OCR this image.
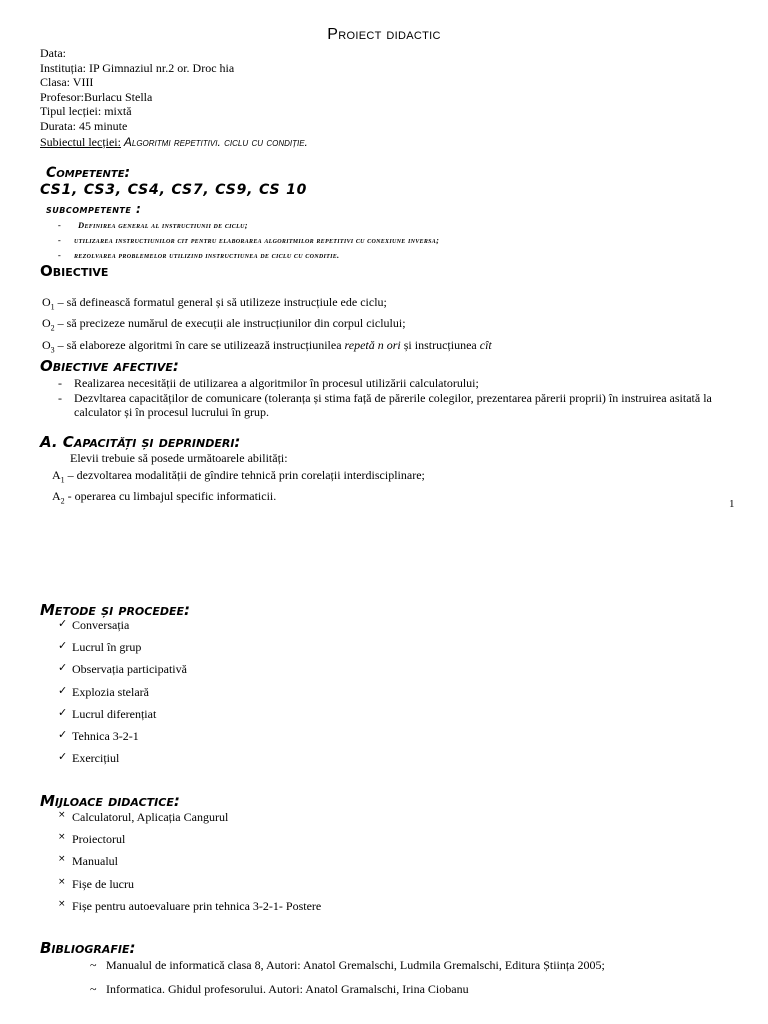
Proiect didactic
Data:
Instituția: IP Gimnaziul nr.2 or. Droc hia
Clasa: VIII
Profesor:Burlacu Stella
Tipul lecției: mixtă
Durata: 45 minute
Subiectul lecției: Algoritmi repetitivi. ciclu cu condiție.
Competente:
CS1, CS3, CS4, CS7, CS9, CS 10
subcompetente :
- Definirea general al instructiunii de ciclu;
- utilizarea instructiunilor cit pentru elaborarea algoritmilor repetitivi cu conexiune inversa;
- rezolvarea problemelor utilizind instructiunea de ciclu cu conditie.
Obiective
$O_1$ – să definească formatul general și să utilizeze instrucțiule ede ciclu;
$O_2$ – să precizeze numărul de execuții ale instrucțiunilor din corpul ciclului;
$O_3$ – să elaboreze algoritmi în care se utilizează instrucțiunilea repetă n ori și instrucțiunea cît
Obiective afective:
- Realizarea necesității de utilizarea a algoritmilor în procesul utilizării calculatorului;
- Dezvltarea capacităților de comunicare (toleranța și stima față de părerile colegilor, prezentarea părerii proprii) în instruirea asitată la calculator și în procesul lucrului în grup.
A. Capacități și deprinderi:
Elevii trebuie să posede următoarele abilități:
$A_1$ – dezvoltarea modalității de gîndire tehnică prin corelații interdisciplinare;
$A_2$ - operarea cu limbajul specific informaticii.
1
Metode și procedee:
✓ Conversația
✓ Lucrul în grup
✓ Observația participativă
✓ Explozia stelară
✓ Lucrul diferențiat
✓ Tehnica 3-2-1
✓ Exercițiul
Mijloace didactice:
× Calculatorul, Aplicația Cangurul
× Proiectorul
× Manualul
× Fișe de lucru
× Fișe pentru autoevaluare prin tehnica 3-2-1- Postere
Bibliografie:
~ Manualul de informatică clasa 8, Autori: Anatol Gremalschi, Ludmila Gremalschi, Editura Știința 2005;
~ Informatica. Ghidul profesorului. Autori: Anatol Gramalschi, Irina Ciobanu
